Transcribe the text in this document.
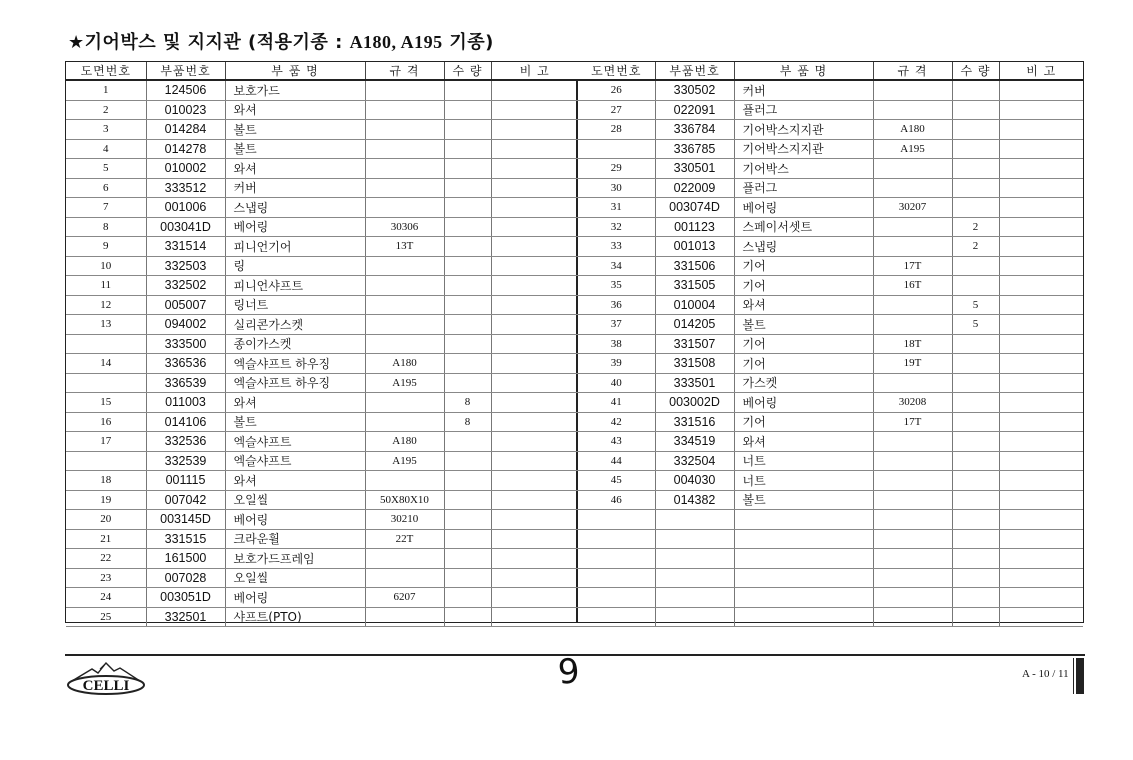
★기어박스 및 지지관 (적용기종 : A180, A195 기종)
도면번호	부품번호	부 품 명	규 격	수 량	비 고
1	124506	보호가드			
2	010023	와셔			
3	014284	볼트			
4	014278	볼트			
5	010002	와셔			
6	333512	커버			
7	001006	스냅링			
8	003041D	베어링	30306		
9	331514	피니언기어	13T		
10	332503	링			
11	332502	피니언샤프트			
12	005007	링너트			
13	094002	실리콘가스켓			
	333500	종이가스켓			
14	336536	엑슬샤프트 하우징	A180		
	336539	엑슬샤프트 하우징	A195		
15	011003	와셔		8	
16	014106	볼트		8	
17	332536	엑슬샤프트	A180		
	332539	엑슬샤프트	A195		
18	001115	와셔			
19	007042	오일씰	50X80X10		
20	003145D	베어링	30210		
21	331515	크라운휠	22T		
22	161500	보호가드프레임			
23	007028	오일씰			
24	003051D	베어링	6207		
25	332501	샤프트(PTO)			
도면번호	부품번호	부 품 명	규 격	수 량	비 고
26	330502	커버			
27	022091	플러그			
28	336784	기어박스지지관	A180		
	336785	기어박스지지관	A195		
29	330501	기어박스			
30	022009	플러그			
31	003074D	베어링	30207		
32	001123	스페이서셋트		2	
33	001013	스냅링		2	
34	331506	기어	17T		
35	331505	기어	16T		
36	010004	와셔		5	
37	014205	볼트		5	
38	331507	기어	18T		
39	331508	기어	19T		
40	333501	가스켓			
41	003002D	베어링	30208		
42	331516	기어	17T		
43	334519	와셔			
44	332504	너트			
45	004030	너트			
46	014382	볼트			

CELLI	9	A - 10 / 11
